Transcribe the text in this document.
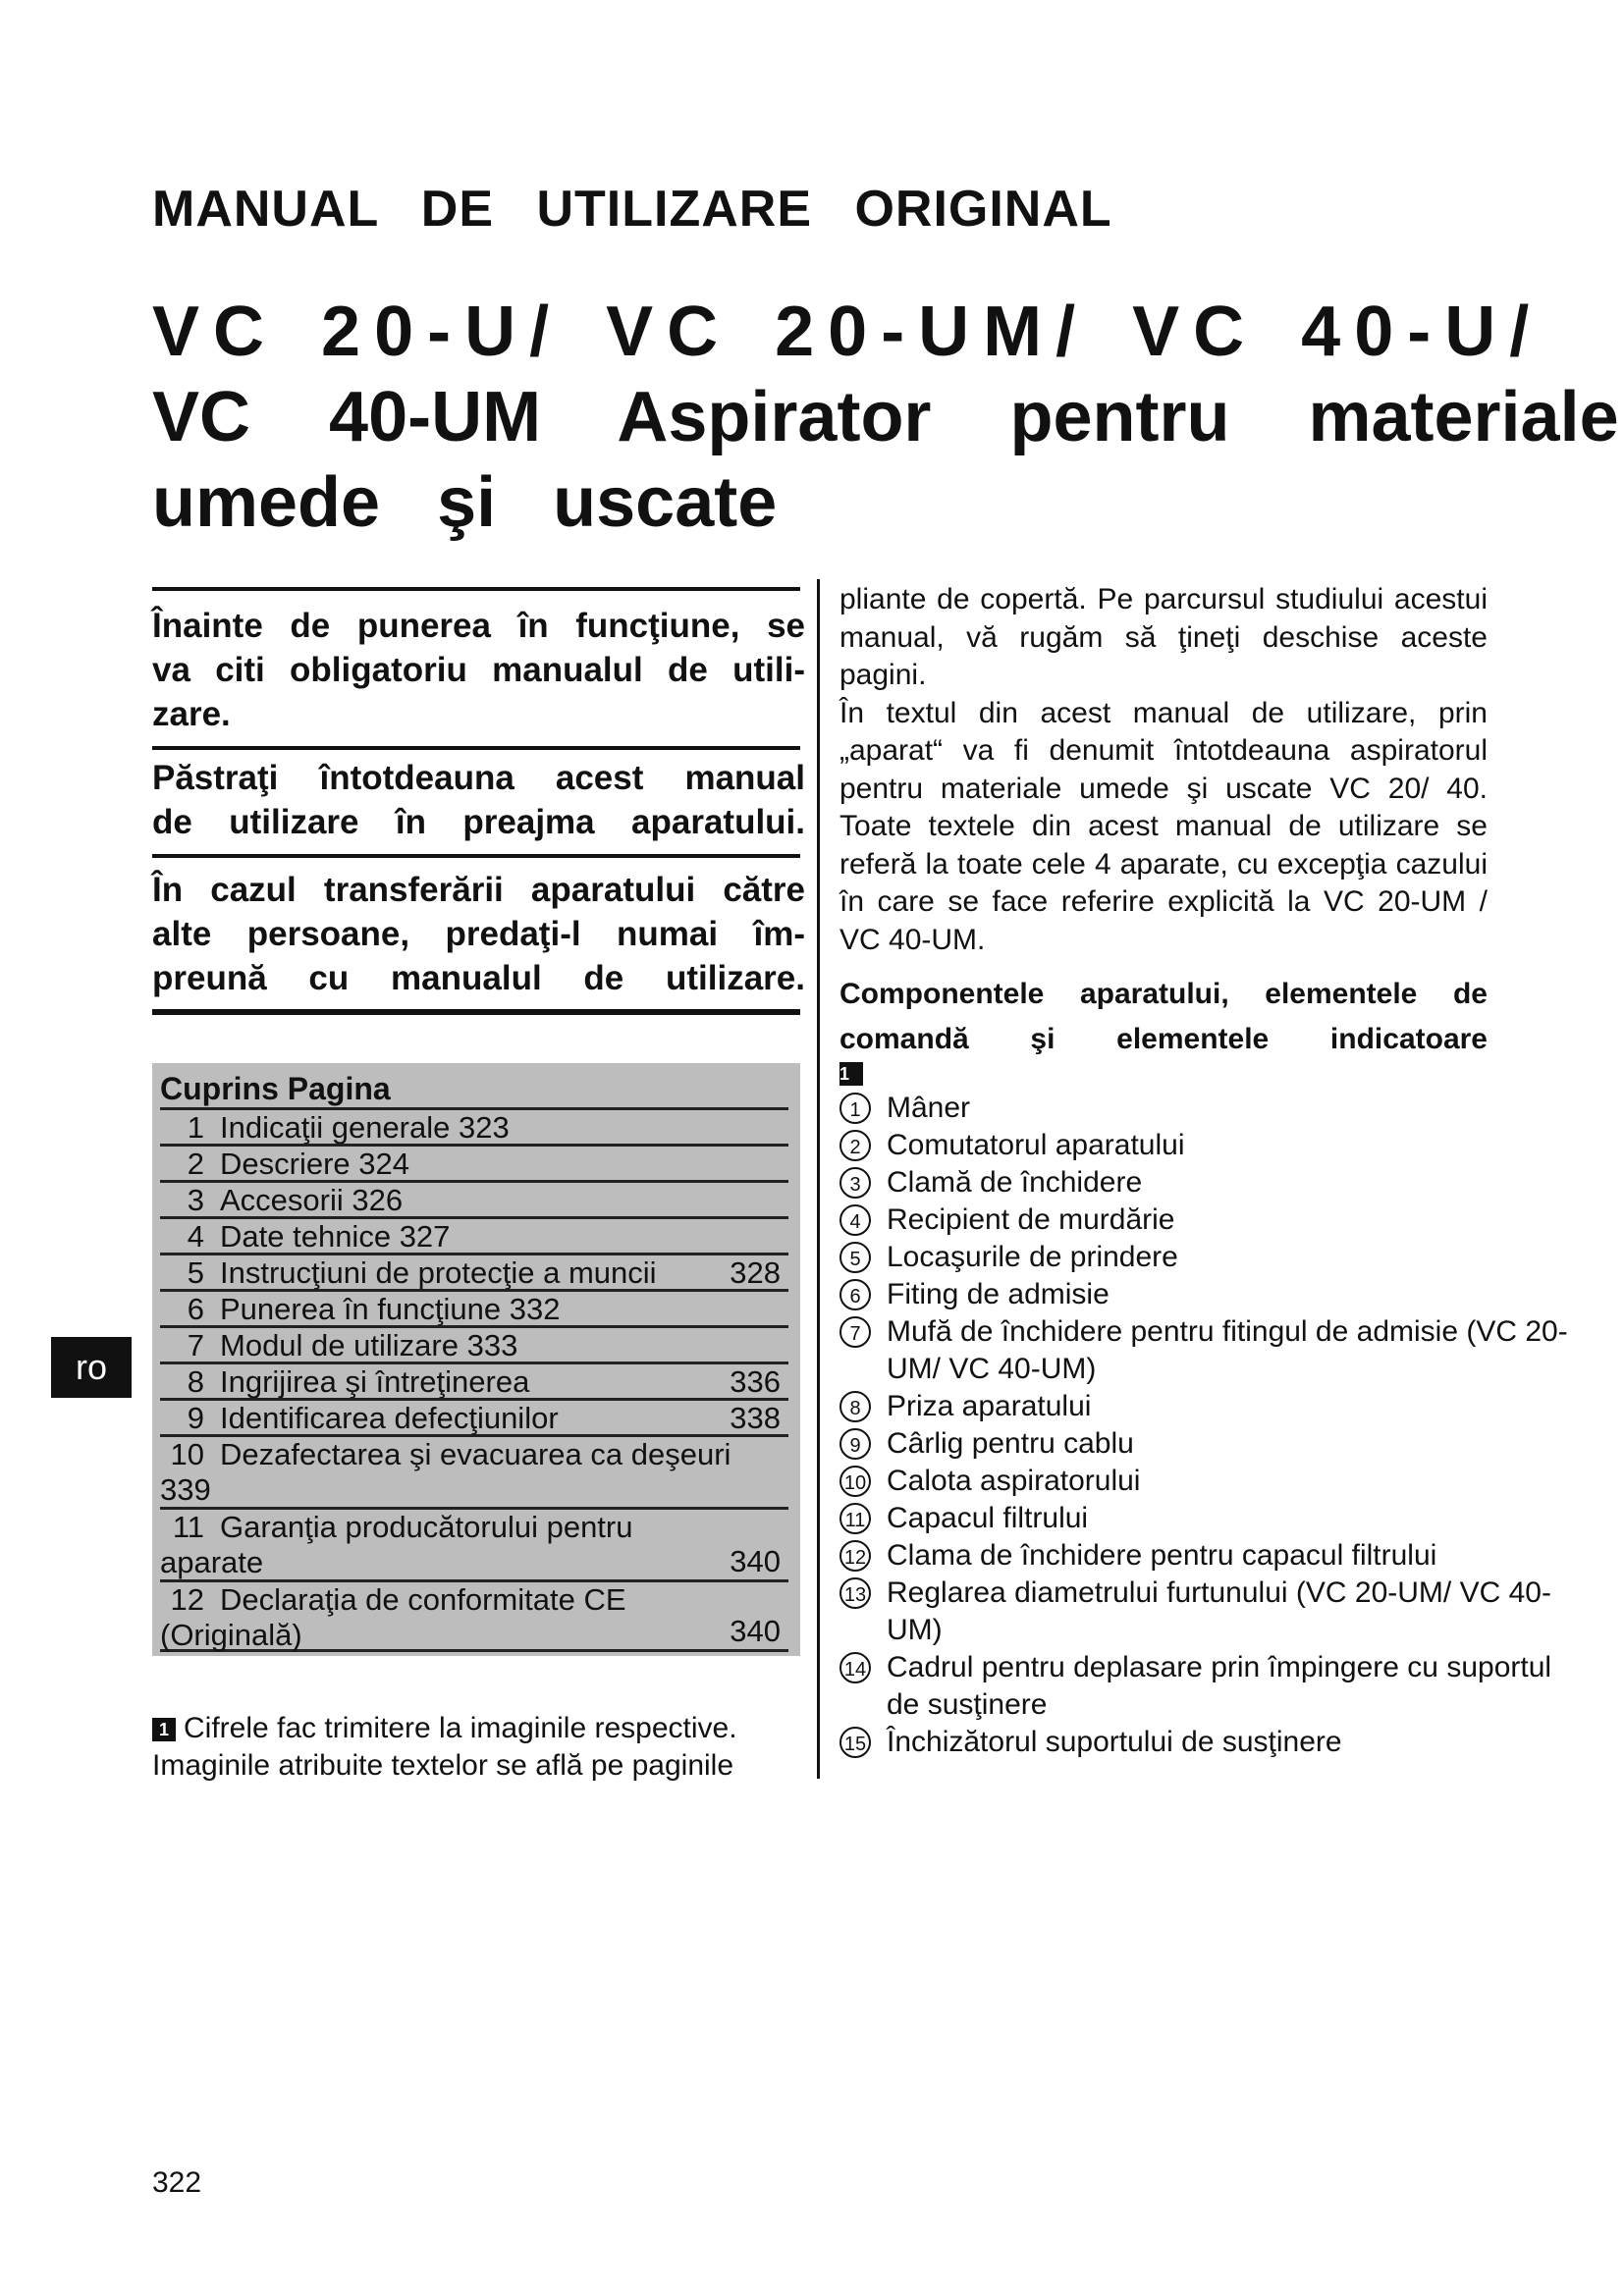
MANUAL DE UTILIZARE ORIGINAL
VC 20-U/ VC 20-UM/ VC 40-U/
VC 40-UM Aspirator pentru materiale
umede şi uscate
Înainte de punerea în funcţiune, se
va citi obligatoriu manualul de utili-
zare.
Păstraţi întotdeauna acest manual
de utilizare în preajma aparatului.
În cazul transferării aparatului către
alte persoane, predaţi-l numai îm-
preună cu manualul de utilizare.
Cuprins Pagina
1 Indicaţii generale 323
2 Descriere 324
3 Accesorii 326
4 Date tehnice 327
5 Instrucţiuni de protecţie a muncii 328
6 Punerea în funcţiune 332
7 Modul de utilizare 333
8 Ingrijirea şi întreţinerea	336
9 Identificarea defecţiunilor	338
10 Dezafectarea şi evacuarea ca deşeuri 339
11 Garanţia producătorului pentru aparate	340
12 Declaraţia de conformitate CE (Originală)	340
1 Cifrele fac trimitere la imaginile respective. Imaginile atribuite textelor se află pe paginile
pliante de copertă. Pe parcursul studiului acestui manual, vă rugăm să ţineţi deschise aceste pagini.
În textul din acest manual de utilizare, prin „aparat“ va fi denumit întotdeauna aspiratorul pentru materiale umede şi uscate VC 20/ 40. Toate textele din acest manual de utilizare se referă la toate cele 4 aparate, cu excepţia cazului în care se face referire explicită la VC 20-UM / VC 40-UM.
Componentele aparatului, elementele de
comandă şi elementele indicatoare
1
1 Mâner
2 Comutatorul aparatului
3 Clamă de închidere
4 Recipient de murdărie
5 Locaşurile de prindere
6 Fiting de admisie
7 Mufă de închidere pentru fitingul de admisie (VC 20-UM/ VC 40-UM)
8 Priza aparatului
9 Cârlig pentru cablu
10 Calota aspiratorului
11 Capacul filtrului
12 Clama de închidere pentru capacul filtrului
13 Reglarea diametrului furtunului (VC 20-UM/ VC 40-UM)
14 Cadrul pentru deplasare prin împingere cu suportul de susţinere
15 Închizătorul suportului de susţinere
ro
322
